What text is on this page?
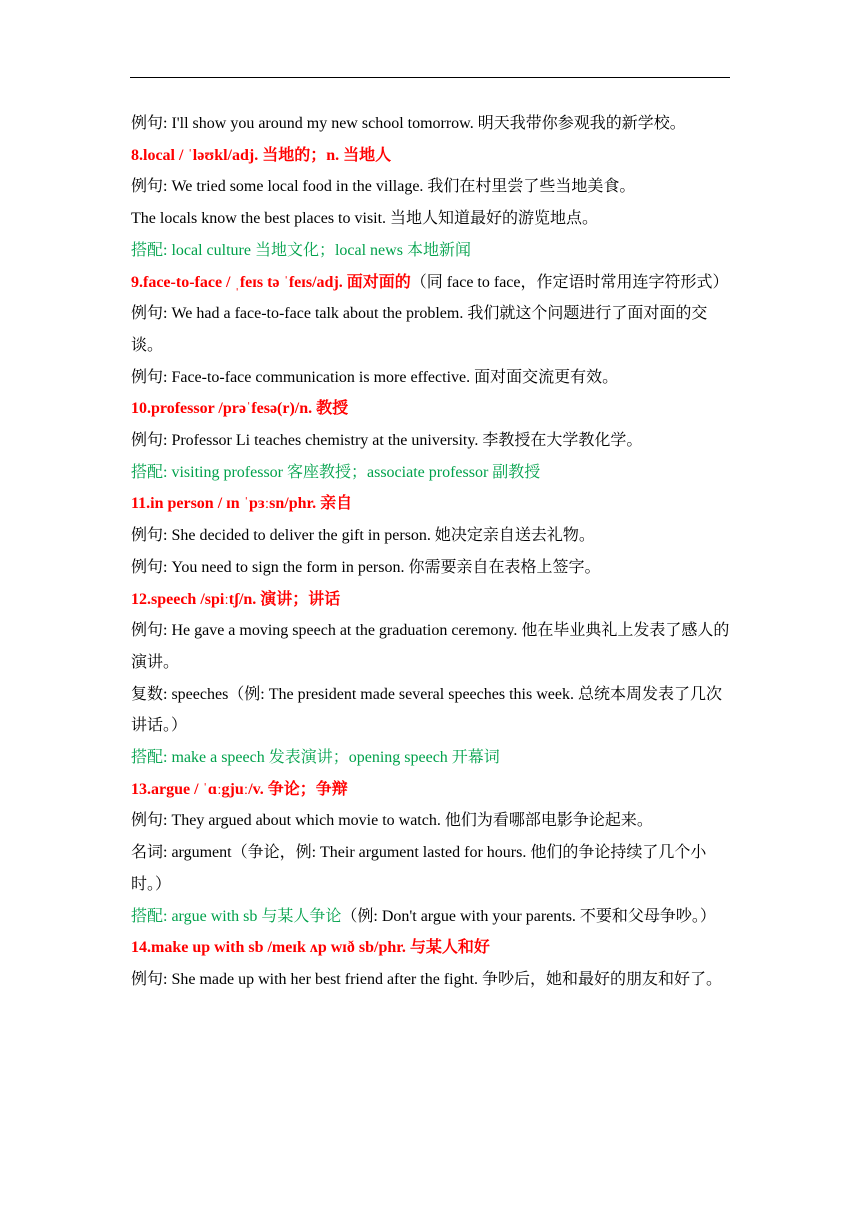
例句: I'll show you around my new school tomorrow. 明天我带你参观我的新学校。
8.local / ˈləʊkl/adj. 当地的；n. 当地人
例句: We tried some local food in the village. 我们在村里尝了些当地美食。
The locals know the best places to visit. 当地人知道最好的游览地点。
搭配: local culture 当地文化；local news 本地新闻
9.face-to-face / ˌfeɪs tə ˈfeɪs/adj. 面对面的（同 face to face，作定语时常用连字符形式）
例句: We had a face-to-face talk about the problem. 我们就这个问题进行了面对面的交谈。
例句: Face-to-face communication is more effective. 面对面交流更有效。
10.professor /prəˈfesə(r)/n. 教授
例句: Professor Li teaches chemistry at the university. 李教授在大学教化学。
搭配: visiting professor 客座教授；associate professor 副教授
11.in person / ɪn ˈpɜːsn/phr. 亲自
例句: She decided to deliver the gift in person. 她决定亲自送去礼物。
例句: You need to sign the form in person. 你需要亲自在表格上签字。
12.speech /spiːtʃ/n. 演讲；讲话
例句: He gave a moving speech at the graduation ceremony. 他在毕业典礼上发表了感人的演讲。
复数: speeches（例: The president made several speeches this week. 总统本周发表了几次讲话。）
搭配: make a speech 发表演讲；opening speech 开幕词
13.argue / ˈɑːgjuː/v. 争论；争辩
例句: They argued about which movie to watch. 他们为看哪部电影争论起来。
名词: argument（争论，例: Their argument lasted for hours. 他们的争论持续了几个小时。）
搭配: argue with sb 与某人争论（例: Don't argue with your parents. 不要和父母争吵。）
14.make up with sb /meɪk ʌp wɪð sb/phr. 与某人和好
例句: She made up with her best friend after the fight. 争吵后，她和最好的朋友和好了。
